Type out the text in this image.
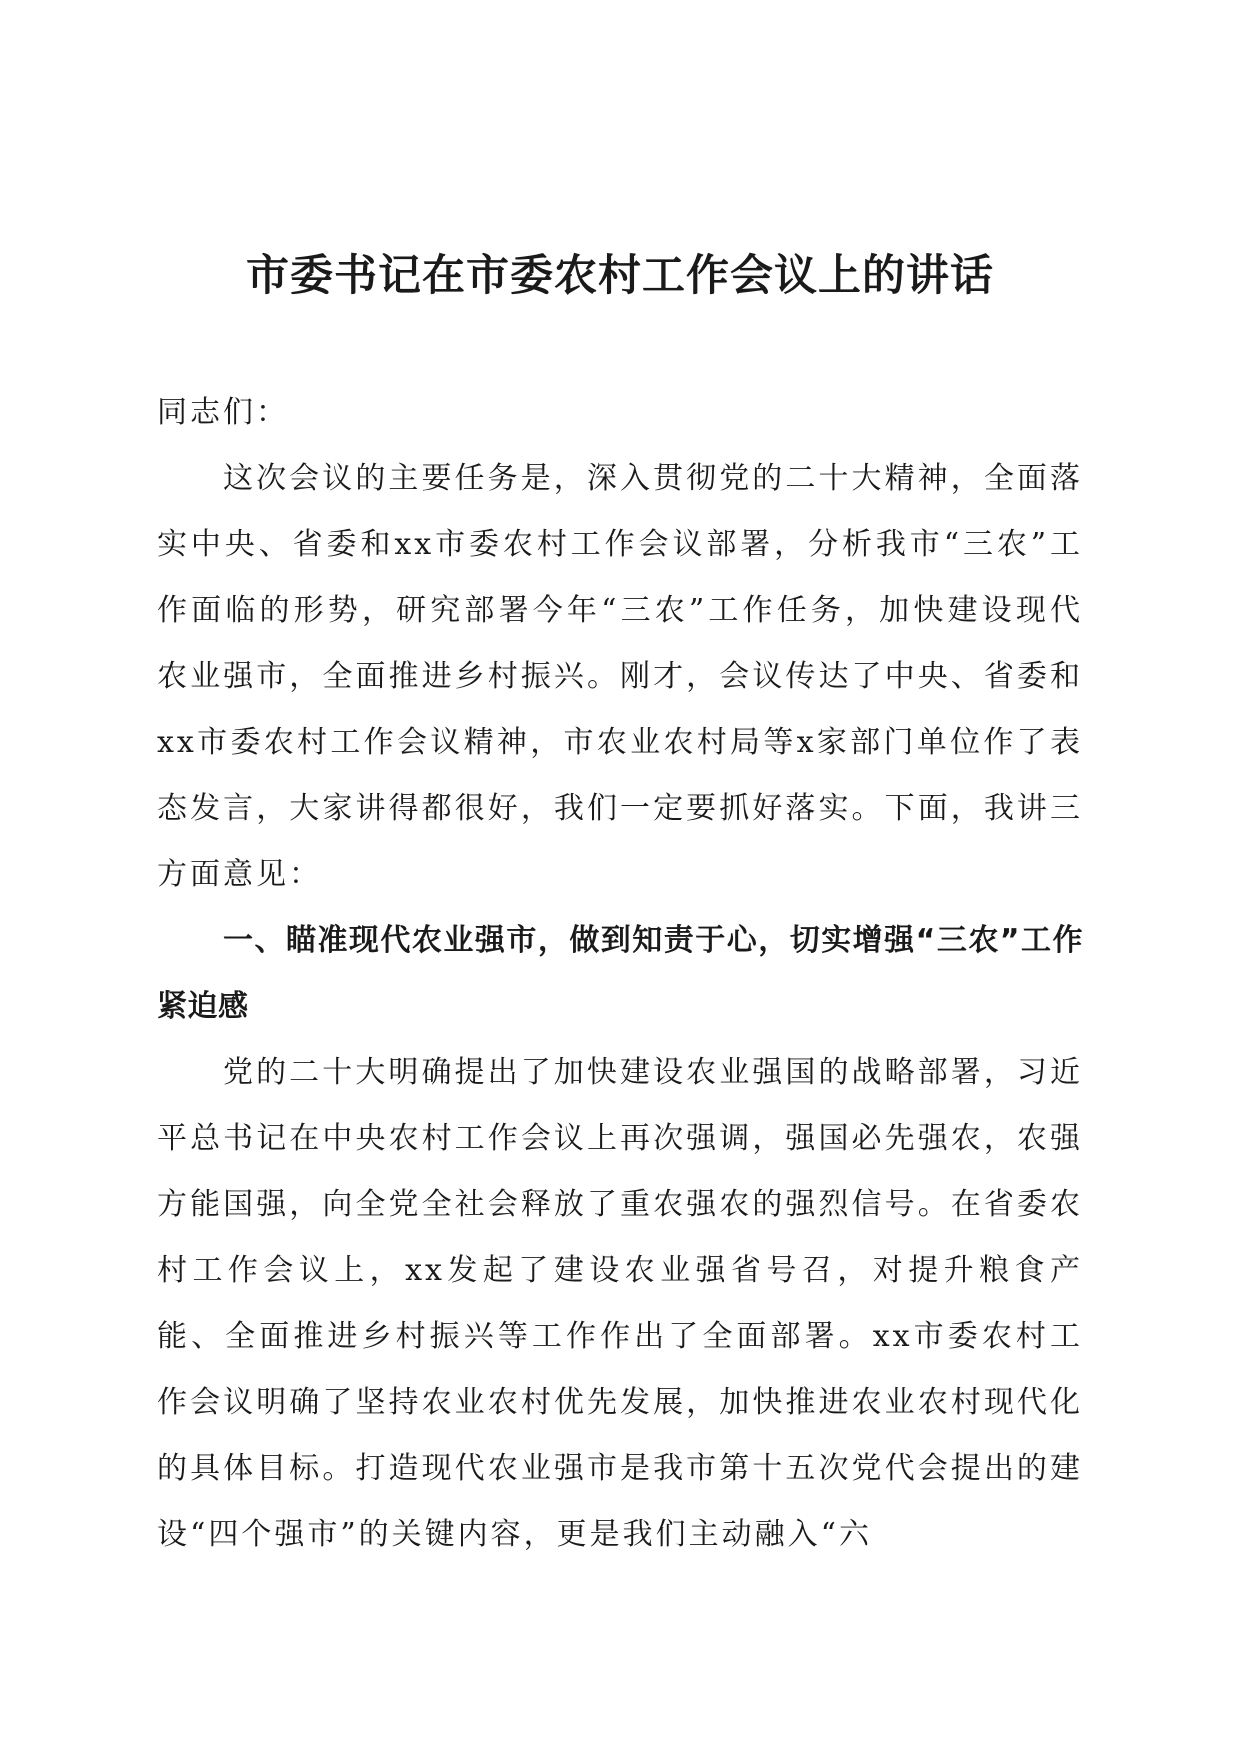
市委书记在市委农村工作会议上的讲话

同志们：

这次会议的主要任务是，深入贯彻党的二十大精神，全面落实中央、省委和xx市委农村工作会议部署，分析我市“三农”工作面临的形势，研究部署今年“三农”工作任务，加快建设现代农业强市，全面推进乡村振兴。刚才，会议传达了中央、省委和xx市委农村工作会议精神，市农业农村局等x家部门单位作了表态发言，大家讲得都很好，我们一定要抓好落实。下面，我讲三方面意见：

一、瞄准现代农业强市，做到知责于心，切实增强“三农”工作紧迫感

党的二十大明确提出了加快建设农业强国的战略部署，习近平总书记在中央农村工作会议上再次强调，强国必先强农，农强方能国强，向全党全社会释放了重农强农的强烈信号。在省委农村工作会议上，xx发起了建设农业强省号召，对提升粮食产能、全面推进乡村振兴等工作作出了全面部署。xx市委农村工作会议明确了坚持农业农村优先发展，加快推进农业农村现代化的具体目标。打造现代农业强市是我市第十五次党代会提出的建设“四个强市”的关键内容，更是我们主动融入“六
